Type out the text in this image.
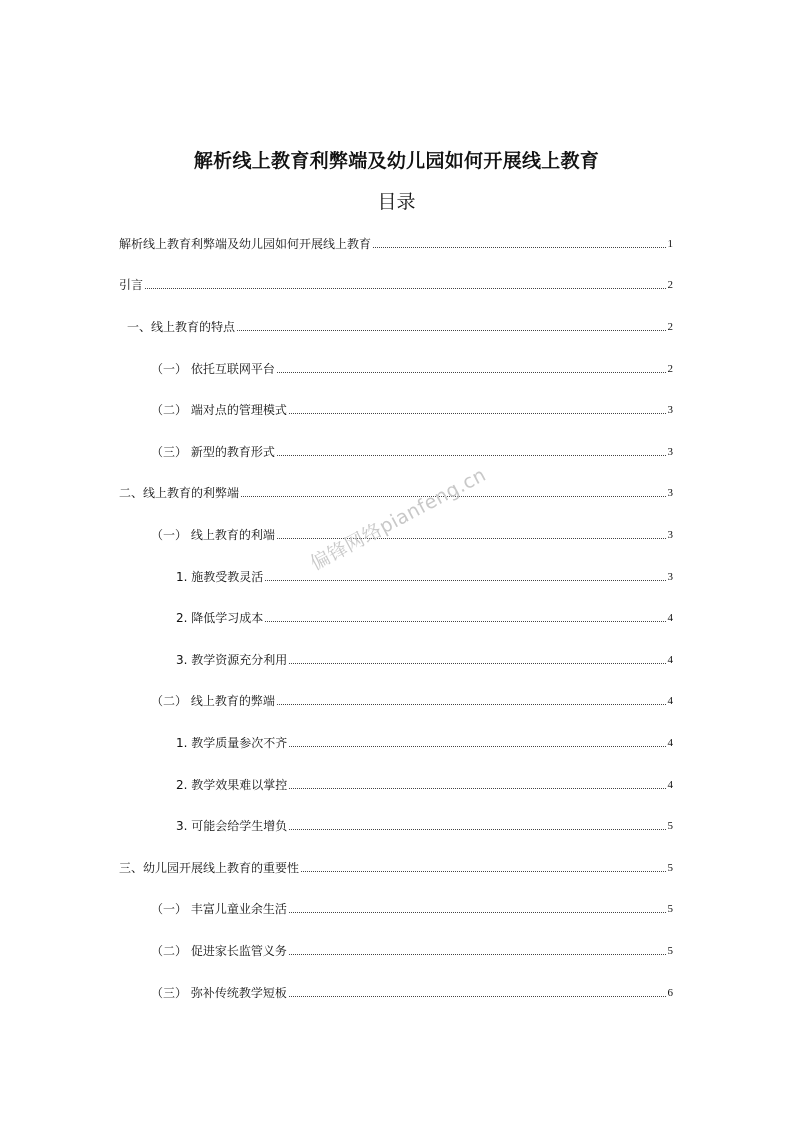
解析线上教育利弊端及幼儿园如何开展线上教育
目录
解析线上教育利弊端及幼儿园如何开展线上教育	1
引言	2
一、线上教育的特点	2
（一） 依托互联网平台	2
（二） 端对点的管理模式	3
（三） 新型的教育形式	3
二、线上教育的利弊端	3
（一） 线上教育的利端	3
1. 施教受教灵活	3
2. 降低学习成本	4
3. 教学资源充分利用	4
（二） 线上教育的弊端	4
1. 教学质量参次不齐	4
2. 教学效果难以掌控	4
3. 可能会给学生增负	5
三、幼儿园开展线上教育的重要性	5
（一） 丰富儿童业余生活	5
（二） 促进家长监管义务	5
（三） 弥补传统教学短板	6
偏锋网络pianfeng.cn
